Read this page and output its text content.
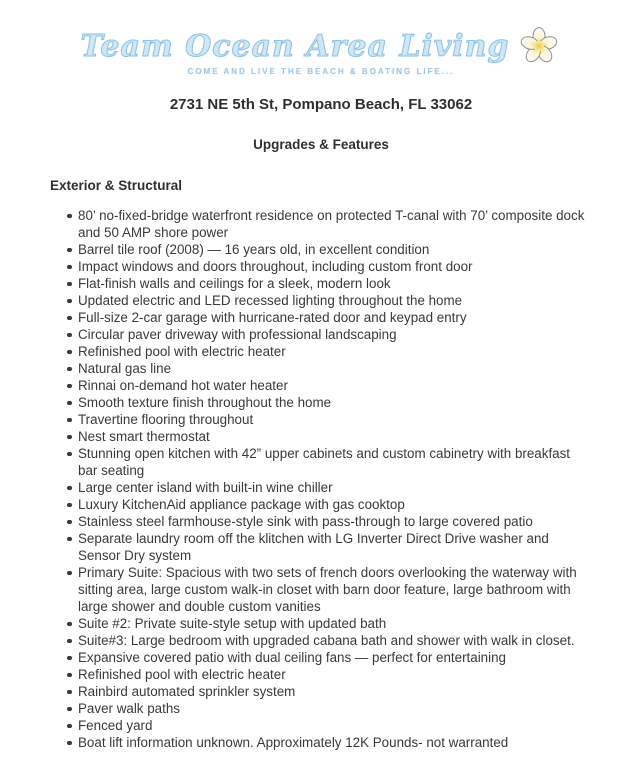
Team Ocean Area Living
COME AND LIVE THE BEACH & BOATING LIFE...
2731 NE 5th St, Pompano Beach, FL 33062
Upgrades & Features
Exterior & Structural
80’ no-fixed-bridge waterfront residence on protected T-canal with 70’ composite dock and 50 AMP shore power
Barrel tile roof (2008) — 16 years old, in excellent condition
Impact windows and doors throughout, including custom front door
Flat-finish walls and ceilings for a sleek, modern look
Updated electric and LED recessed lighting throughout the home
Full-size 2-car garage with hurricane-rated door and keypad entry
Circular paver driveway with professional landscaping
Refinished pool with electric heater
Natural gas line
Rinnai on-demand hot water heater
Smooth texture finish throughout the home
Travertine flooring throughout
Nest smart thermostat
Stunning open kitchen with 42” upper cabinets and custom cabinetry with breakfast bar seating
Large center island with built-in wine chiller
Luxury KitchenAid appliance package with gas cooktop
Stainless steel farmhouse-style sink with pass-through to large covered patio
Separate laundry room off the klitchen with LG Inverter Direct Drive washer and Sensor Dry system
Primary Suite: Spacious with two sets of french doors overlooking the waterway with sitting area, large custom walk-in closet with barn door feature, large bathroom with large shower and double custom vanities
Suite #2: Private suite-style setup with updated bath
Suite#3: Large bedroom with upgraded cabana bath and shower with walk in closet.
Expansive covered patio with dual ceiling fans — perfect for entertaining
Refinished pool with electric heater
Rainbird automated sprinkler system
Paver walk paths
Fenced yard
Boat lift information unknown. Approximately 12K Pounds- not warranted
